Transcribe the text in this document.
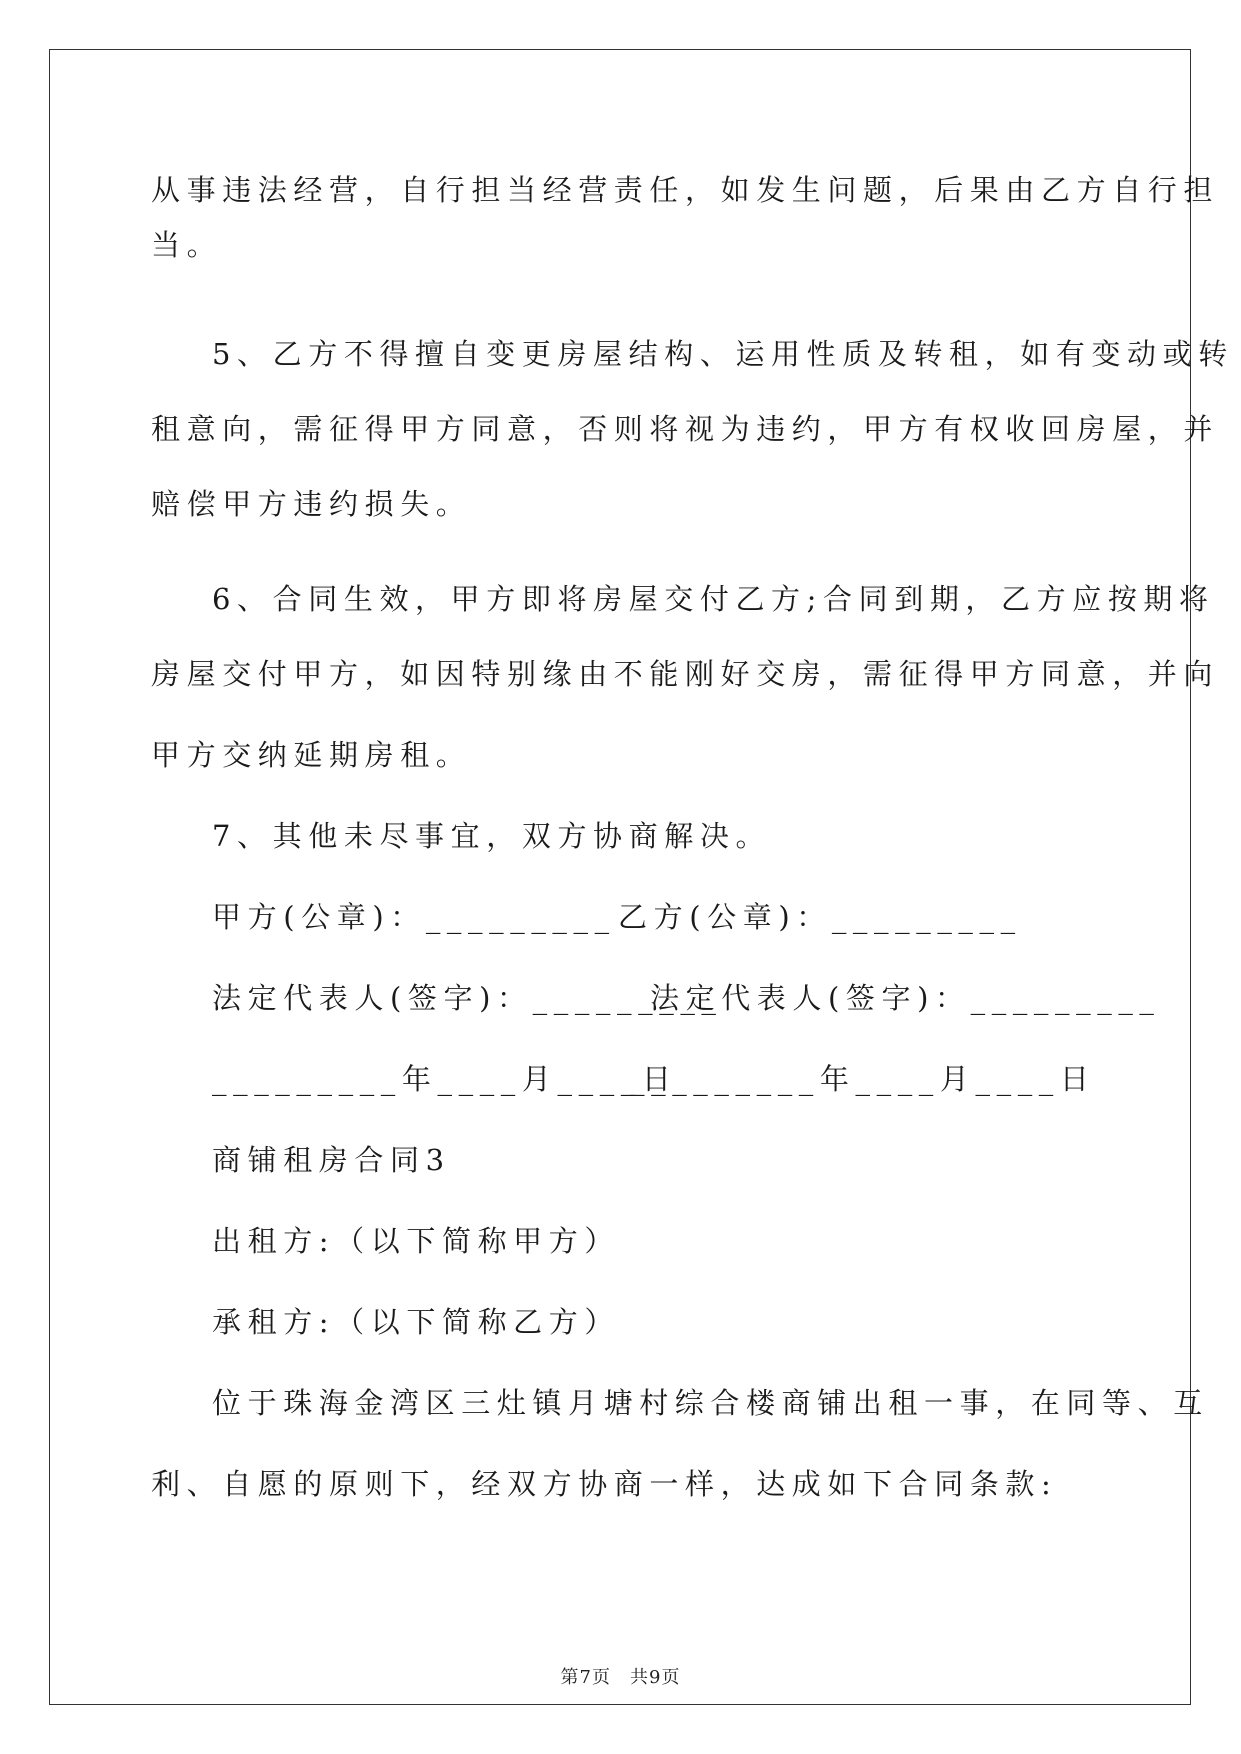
从事违法经营，自行担当经营责任，如发生问题，后果由乙方自行担
当。
5、乙方不得擅自变更房屋结构、运用性质及转租，如有变动或转
租意向，需征得甲方同意，否则将视为违约，甲方有权收回房屋，并
赔偿甲方违约损失。
6、合同生效，甲方即将房屋交付乙方;合同到期，乙方应按期将
房屋交付甲方，如因特别缘由不能刚好交房，需征得甲方同意，并向
甲方交纳延期房租。
7、其他未尽事宜，双方协商解决。
甲方(公章)：_________ 乙方(公章)：_________
法定代表人(签字)：_________
法定代表人(签字)：_________
_________年____月____日
_________年____月____日
商铺租房合同3
出租方:（以下简称甲方）
承租方:（以下简称乙方）
位于珠海金湾区三灶镇月塘村综合楼商铺出租一事，在同等、互
利、自愿的原则下，经双方协商一样，达成如下合同条款:
第7页　共9页
